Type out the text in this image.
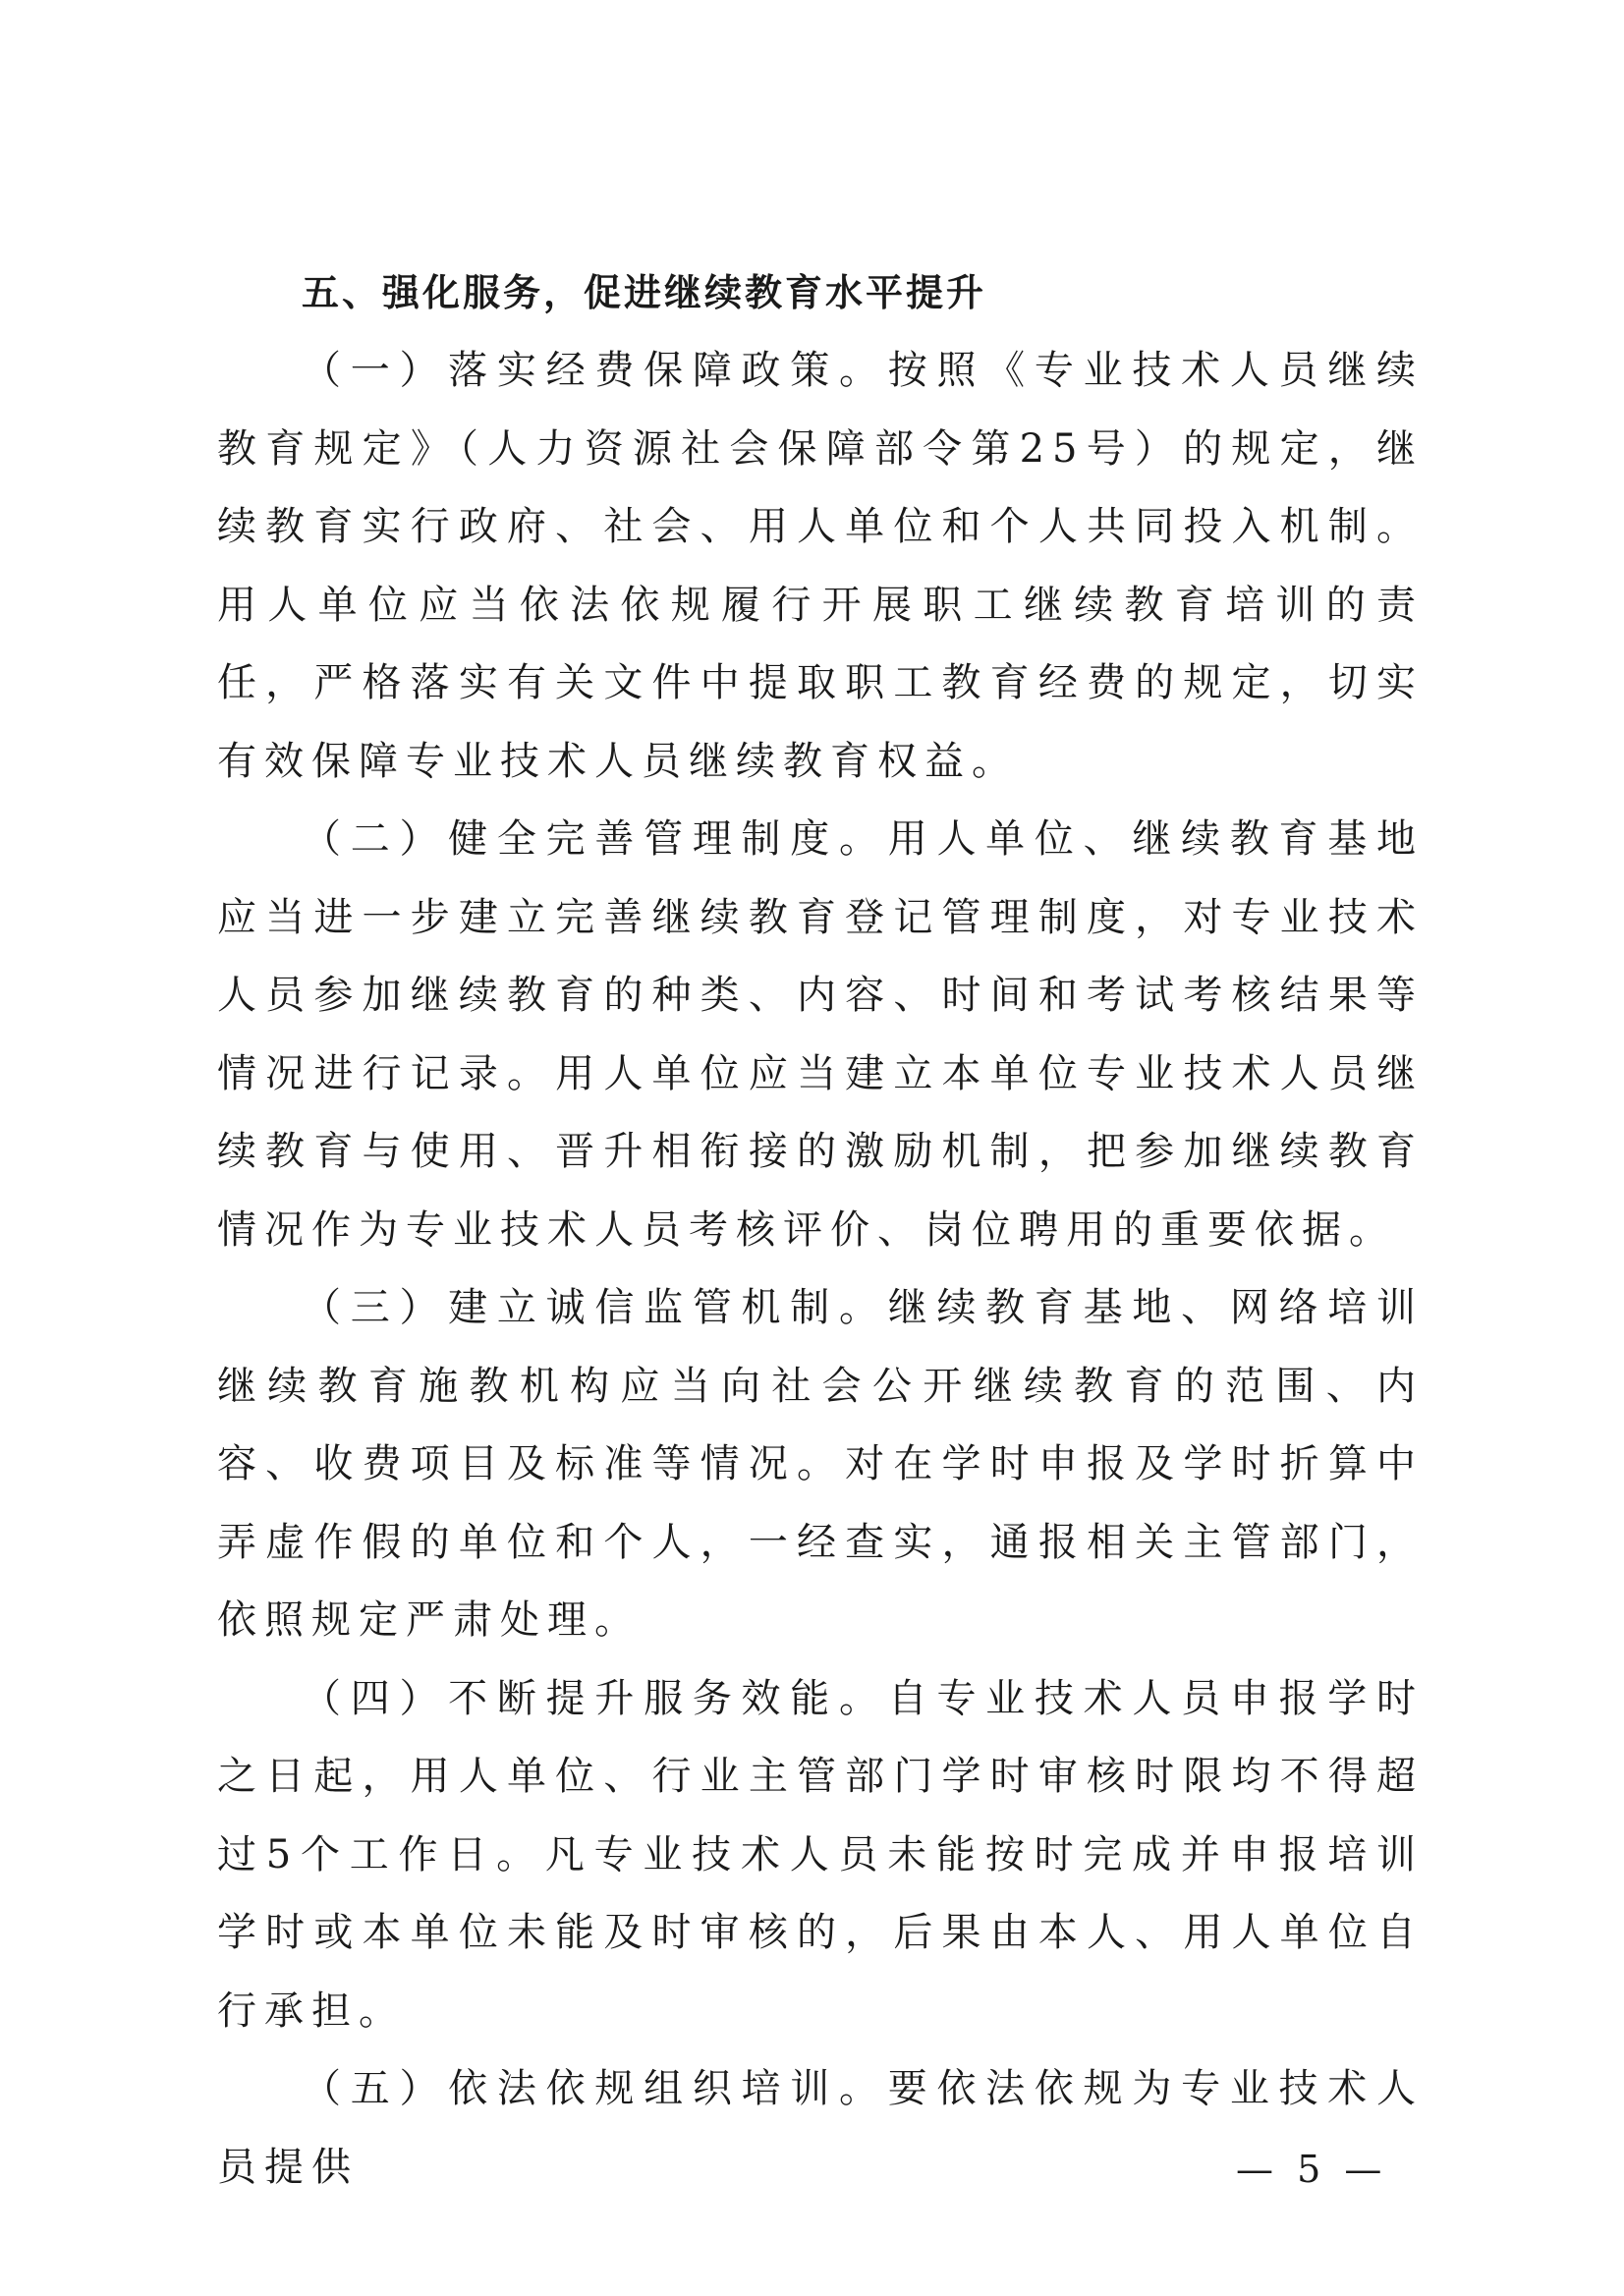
五、强化服务，促进继续教育水平提升

（一）落实经费保障政策。按照《专业技术人员继续教育规定》（人力资源社会保障部令第25号）的规定，继续教育实行政府、社会、用人单位和个人共同投入机制。用人单位应当依法依规履行开展职工继续教育培训的责任，严格落实有关文件中提取职工教育经费的规定，切实有效保障专业技术人员继续教育权益。

（二）健全完善管理制度。用人单位、继续教育基地应当进一步建立完善继续教育登记管理制度，对专业技术人员参加继续教育的种类、内容、时间和考试考核结果等情况进行记录。用人单位应当建立本单位专业技术人员继续教育与使用、晋升相衔接的激励机制，把参加继续教育情况作为专业技术人员考核评价、岗位聘用的重要依据。

（三）建立诚信监管机制。继续教育基地、网络培训继续教育施教机构应当向社会公开继续教育的范围、内容、收费项目及标准等情况。对在学时申报及学时折算中弄虚作假的单位和个人，一经查实，通报相关主管部门，依照规定严肃处理。

（四）不断提升服务效能。自专业技术人员申报学时之日起，用人单位、行业主管部门学时审核时限均不得超过5个工作日。凡专业技术人员未能按时完成并申报培训学时或本单位未能及时审核的，后果由本人、用人单位自行承担。

（五）依法依规组织培训。要依法依规为专业技术人员提供	— 5 —
